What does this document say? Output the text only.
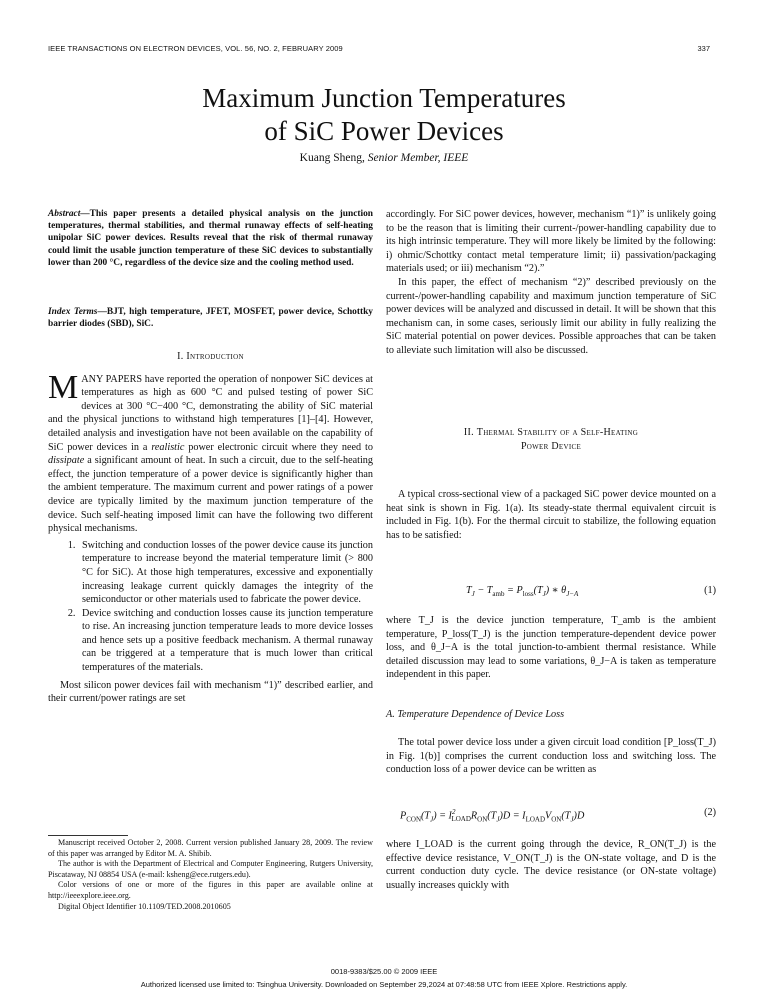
IEEE TRANSACTIONS ON ELECTRON DEVICES, VOL. 56, NO. 2, FEBRUARY 2009	337
Maximum Junction Temperatures
of SiC Power Devices
Kuang Sheng, Senior Member, IEEE

Abstract—This paper presents a detailed physical analysis on the junction temperatures, thermal stabilities, and thermal runaway effects of self-heating unipolar SiC power devices. Results reveal that the risk of thermal runaway could limit the usable junction temperature of these SiC devices to substantially lower than 200 °C, regardless of the device size and the cooling method used.

Index Terms—BJT, high temperature, JFET, MOSFET, power device, Schottky barrier diodes (SBD), SiC.

I. Introduction

MANY PAPERS have reported the operation of nonpower SiC devices at temperatures as high as 600 °C and pulsed testing of power SiC devices at 300 °C−400 °C, demonstrating the ability of SiC material and the physical junctions to withstand high temperatures [1]–[4]. However, detailed analysis and investigation have not been available on the capability of SiC power devices in a realistic power electronic circuit where they need to dissipate a significant amount of heat. In such a circuit, due to the self-heating effect, the junction temperature of a power device is significantly higher than the ambient temperature. The maximum current and power ratings of a power device are typically limited by the maximum junction temperature of the device. Such self-heating imposed limit can have the following two different physical mechanisms.

1. Switching and conduction losses of the power device cause its junction temperature to increase beyond the material temperature limit (> 800 °C for SiC). At those high temperatures, excessive and exponentially increasing leakage current quickly damages the integrity of the semiconductor or other materials used to fabricate the power device.
2. Device switching and conduction losses cause its junction temperature to rise. An increasing junction temperature leads to more device losses and hence sets up a positive feedback mechanism. A thermal runaway can be triggered at a temperature that is much lower than critical temperatures of the materials.

Most silicon power devices fail with mechanism “1)” described earlier, and their current/power ratings are set

Manuscript received October 2, 2008. Current version published January 28, 2009. The review of this paper was arranged by Editor M. A. Shibib.

The author is with the Department of Electrical and Computer Engineering, Rutgers University, Piscataway, NJ 08854 USA (e-mail: ksheng@ece.rutgers.edu).

Color versions of one or more of the figures in this paper are available online at http://ieeexplore.ieee.org.

Digital Object Identifier 10.1109/TED.2008.2010605

accordingly. For SiC power devices, however, mechanism “1)” is unlikely going to be the reason that is limiting their current-/power-handling capability due to its high intrinsic temperature. They will more likely be limited by the following: i) ohmic/Schottky contact metal temperature limit; ii) passivation/packaging materials used; or iii) mechanism “2).”

In this paper, the effect of mechanism “2)” described previously on the current-/power-handling capability and maximum junction temperature of SiC power devices will be analyzed and discussed in detail. It will be shown that this mechanism can, in some cases, seriously limit our ability in fully realizing the SiC material potential on power devices. Possible approaches that can be taken to alleviate such limitation will also be discussed.

II. Thermal Stability of a Self-Heating
Power Device

A typical cross-sectional view of a packaged SiC power device mounted on a heat sink is shown in Fig. 1(a). Its steady-state thermal equivalent circuit is included in Fig. 1(b). For the thermal circuit to stabilize, the following equation has to be satisfied:

$T_J - T_{amb} = P_{loss}(T_J)$ ∗ $\theta_{J-A}$	(1)

where T_J is the device junction temperature, T_amb is the ambient temperature, P_loss(T_J) is the junction temperature-dependent device power loss, and θ_J−A is the total junction-to-ambient thermal resistance. While detailed discussion may lead to some variations, θ_J−A is taken as temperature independent in this paper.

A. Temperature Dependence of Device Loss

The total power device loss under a given circuit load condition [P_loss(T_J) in Fig. 1(b)] comprises the current conduction loss and switching loss. The conduction loss of a power device can be written as

$P_{CON}(T_J) = I^2_{LOAD}R_{ON}(T_J)D = I_{LOAD}V_{ON}(T_J)D$	(2)

where I_LOAD is the current going through the device, R_ON(T_J) is the effective device resistance, V_ON(T_J) is the ON-state voltage, and D is the current conduction duty cycle. The device resistance (or ON-state voltage) usually increases quickly with

0018-9383/$25.00 © 2009 IEEE
Authorized licensed use limited to: Tsinghua University. Downloaded on September 29,2024 at 07:48:58 UTC from IEEE Xplore. Restrictions apply.
